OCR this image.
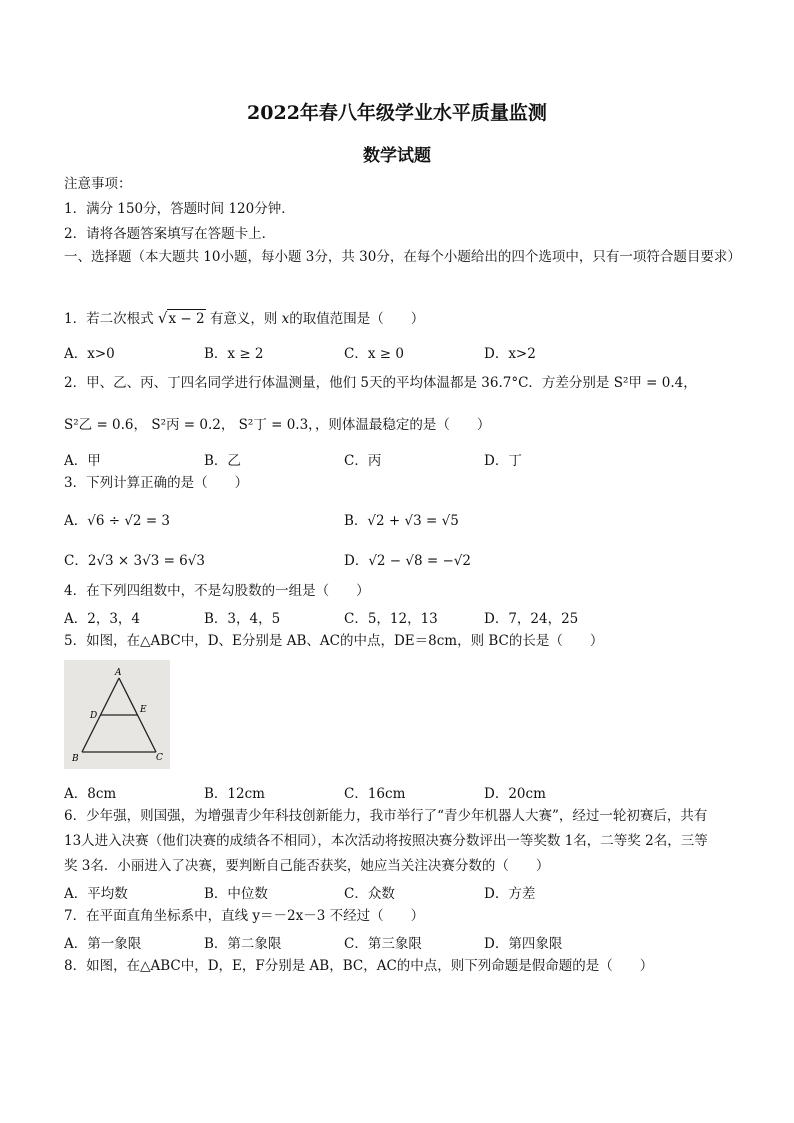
2022年春八年级学业水平质量监测
数学试题
注意事项：
1．满分 150分，答题时间 120分钟．
2．请将各题答案填写在答题卡上．
一、选择题（本大题共 10小题，每小题 3分，共 30分，在每个小题给出的四个选项中，只有一项符合题目要求）
1．若二次根式 √x − 2 有意义，则 x的取值范围是（　　）
A．x>0	B．x ≥ 2	C．x ≥ 0	D．x>2
2．甲、乙、丙、丁四名同学进行体温测量，他们 5天的平均体温都是 36.7°C．方差分别是 S²甲 = 0.4，
S²乙 = 0.6， S²丙 = 0.2， S²丁 = 0.3，，则体温最稳定的是（　　）
A．甲	B．乙	C．丙	D．丁
3．下列计算正确的是（　　）
A．√6 ÷ √2 = 3	B．√2 + √3 = √5
C．2√3 × 3√3 = 6√3	D．√2 − √8 = −√2
4．在下列四组数中，不是勾股数的一组是（　　）
A．2，3，4	B．3，4，5	C．5，12，13	D．7，24，25
5．如图，在△ABC中，D、E分别是 AB、AC的中点，DE＝8cm，则 BC的长是（　　）
A
D
E
B	C
A．8cm	B．12cm	C．16cm	D．20cm
6．少年强，则国强，为增强青少年科技创新能力，我市举行了“青少年机器人大赛”，经过一轮初赛后，共有
13人进入决赛（他们决赛的成绩各不相同），本次活动将按照决赛分数评出一等奖数 1名，二等奖 2名，三等
奖 3名．小丽进入了决赛，要判断自己能否获奖，她应当关注决赛分数的（　　）
A．平均数	B．中位数	C．众数	D．方差
7．在平面直角坐标系中，直线 y＝－2x－3 不经过（　　）
A．第一象限	B．第二象限	C．第三象限	D．第四象限
8．如图，在△ABC中，D，E，F分别是 AB，BC，AC的中点，则下列命题是假命题的是（　　）
